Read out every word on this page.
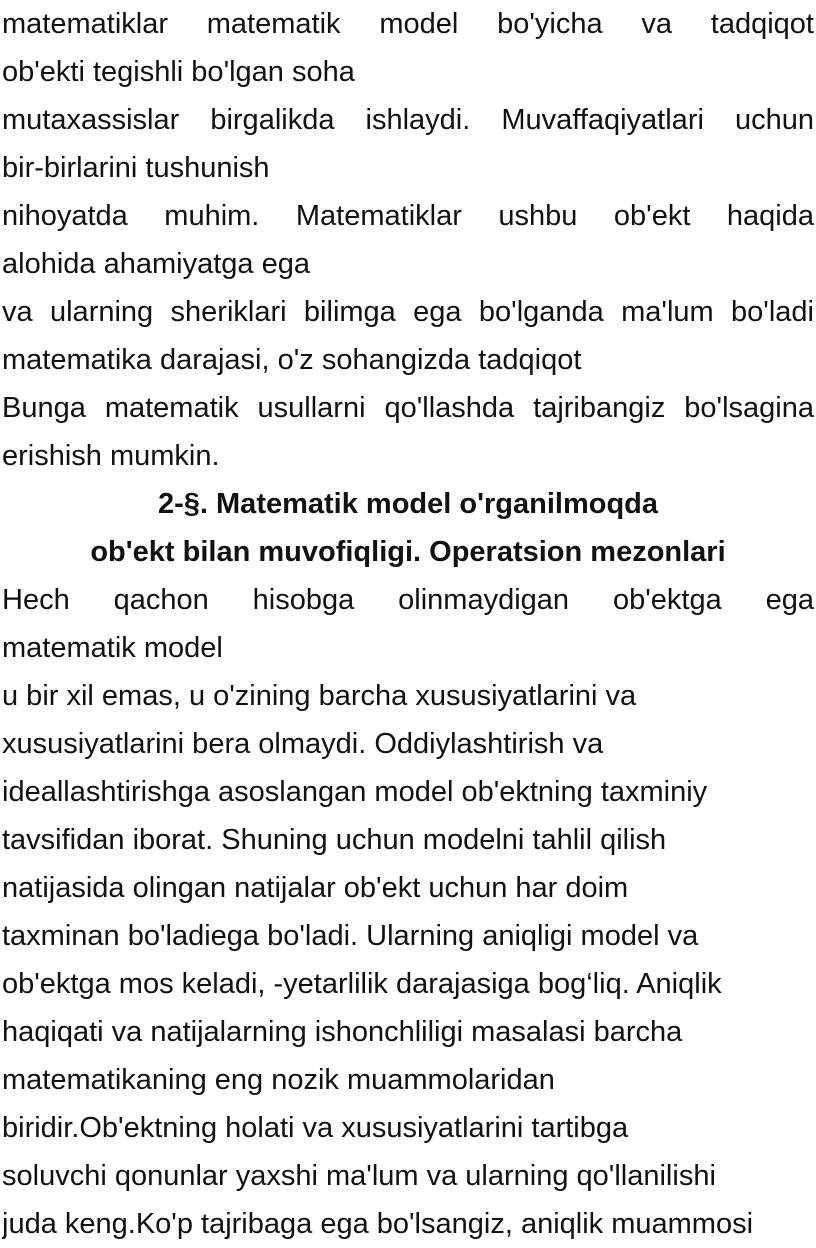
matematiklar matematik model bo'yicha va tadqiqot
ob'ekti tegishli bo'lgan soha
mutaxassislar birgalikda ishlaydi. Muvaffaqiyatlari uchun
bir-birlarini tushunish
nihoyatda muhim. Matematiklar ushbu ob'ekt haqida
alohida ahamiyatga ega
va ularning sheriklari bilimga ega bo'lganda ma'lum bo'ladi
matematika darajasi, o'z sohangizda tadqiqot
Bunga matematik usullarni qo'llashda tajribangiz bo'lsagina
erishish mumkin.
2-§. Matematik model o'rganilmoqda
ob'ekt bilan muvofiqligi. Operatsion mezonlari
Hech qachon hisobga olinmaydigan ob'ektga ega
matematik model
u bir xil emas, u o'zining barcha xususiyatlarini va
xususiyatlarini bera olmaydi. Oddiylashtirish va
ideallashtirishga asoslangan model ob'ektning taxminiy
tavsifidan iborat. Shuning uchun modelni tahlil qilish
natijasida olingan natijalar ob'ekt uchun har doim
taxminan bo'ladiega bo'ladi. Ularning aniqligi model va
ob'ektga mos keladi, -yetarlilik darajasiga bog‘liq. Aniqlik
haqiqati va natijalarning ishonchliligi masalasi barcha
matematikaning eng nozik muammolaridan
biridir.Ob'ektning holati va xususiyatlarini tartibga
soluvchi qonunlar yaxshi ma'lum va ularning qo'llanilishi
juda keng.Ko'p tajribaga ega bo'lsangiz, aniqlik muammosi
